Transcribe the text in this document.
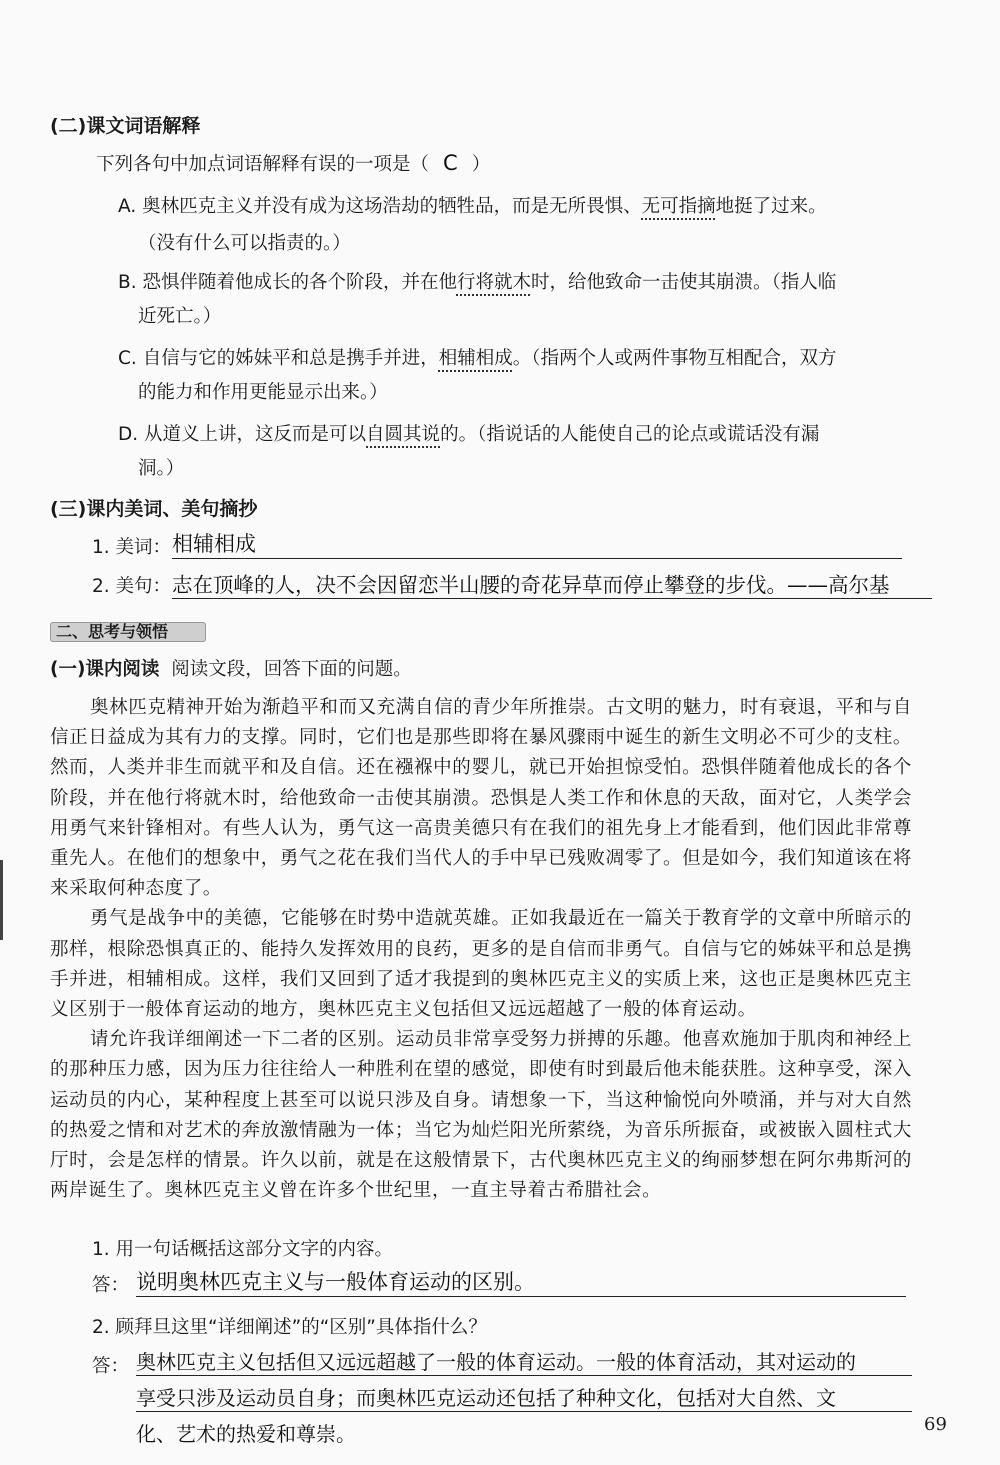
(二)课文词语解释
下列各句中加点词语解释有误的一项是（ C ）
A. 奥林匹克主义并没有成为这场浩劫的牺牲品，而是无所畏惧、无可指摘地挺了过来。
（没有什么可以指责的。）
B. 恐惧伴随着他成长的各个阶段，并在他行将就木时，给他致命一击使其崩溃。（指人临
近死亡。）
C. 自信与它的姊妹平和总是携手并进，相辅相成。（指两个人或两件事物互相配合，双方
的能力和作用更能显示出来。）
D. 从道义上讲，这反而是可以自圆其说的。（指说话的人能使自己的论点或谎话没有漏
洞。）
(三)课内美词、美句摘抄
1. 美词： 相辅相成
2. 美句： 志在顶峰的人，决不会因留恋半山腰的奇花异草而停止攀登的步伐。——高尔基
二、思考与领悟
(一)课内阅读 阅读文段，回答下面的问题。

奥林匹克精神开始为渐趋平和而又充满自信的青少年所推崇。古文明的魅力，时有衰退，平和与自信正日益成为其有力的支撑。同时，它们也是那些即将在暴风骤雨中诞生的新生文明必不可少的支柱。然而，人类并非生而就平和及自信。还在襁褓中的婴儿，就已开始担惊受怕。恐惧伴随着他成长的各个阶段，并在他行将就木时，给他致命一击使其崩溃。恐惧是人类工作和休息的天敌，面对它，人类学会用勇气来针锋相对。有些人认为，勇气这一高贵美德只有在我们的祖先身上才能看到，他们因此非常尊重先人。在他们的想象中，勇气之花在我们当代人的手中早已残败凋零了。但是如今，我们知道该在将来采取何种态度了。

勇气是战争中的美德，它能够在时势中造就英雄。正如我最近在一篇关于教育学的文章中所暗示的那样，根除恐惧真正的、能持久发挥效用的良药，更多的是自信而非勇气。自信与它的姊妹平和总是携手并进，相辅相成。这样，我们又回到了适才我提到的奥林匹克主义的实质上来，这也正是奥林匹克主义区别于一般体育运动的地方，奥林匹克主义包括但又远远超越了一般的体育运动。

请允许我详细阐述一下二者的区别。运动员非常享受努力拼搏的乐趣。他喜欢施加于肌肉和神经上的那种压力感，因为压力往往给人一种胜利在望的感觉，即使有时到最后他未能获胜。这种享受，深入运动员的内心，某种程度上甚至可以说只涉及自身。请想象一下，当这种愉悦向外喷涌，并与对大自然的热爱之情和对艺术的奔放激情融为一体；当它为灿烂阳光所萦绕，为音乐所振奋，或被嵌入圆柱式大厅时，会是怎样的情景。许久以前，就是在这般情景下，古代奥林匹克主义的绚丽梦想在阿尔弗斯河的两岸诞生了。奥林匹克主义曾在许多个世纪里，一直主导着古希腊社会。

1. 用一句话概括这部分文字的内容。
答： 说明奥林匹克主义与一般体育运动的区别。
2. 顾拜旦这里“详细阐述”的“区别”具体指什么？
答： 奥林匹克主义包括但又远远超越了一般的体育运动。一般的体育活动，其对运动的
享受只涉及运动员自身；而奥林匹克运动还包括了种种文化，包括对大自然、文
化、艺术的热爱和尊崇。	69
